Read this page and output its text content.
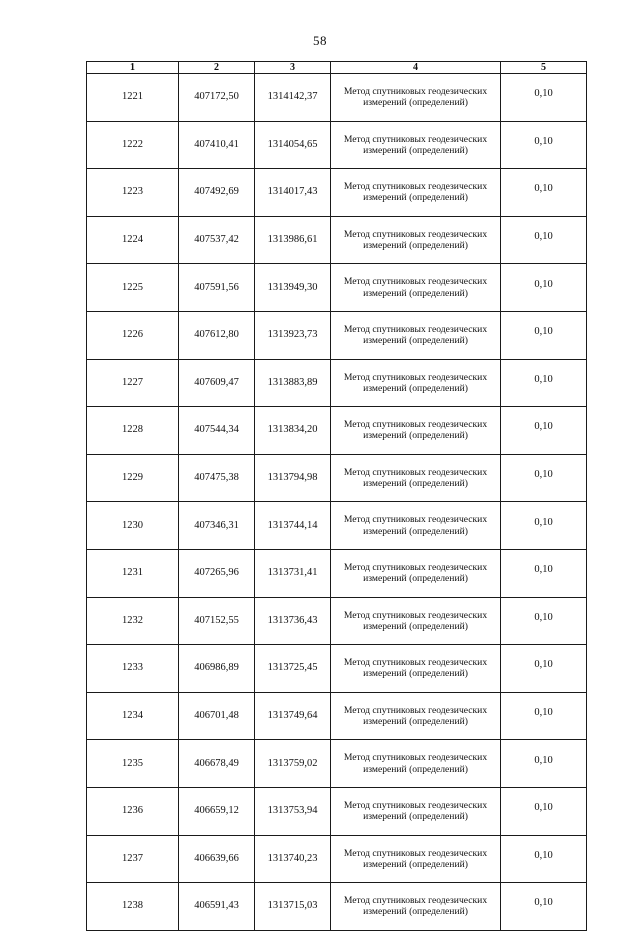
58
1	2	3	4	5
1221	407172,50	1314142,37	Метод спутниковых геодезических измерений (определений)	0,10
1222	407410,41	1314054,65	Метод спутниковых геодезических измерений (определений)	0,10
1223	407492,69	1314017,43	Метод спутниковых геодезических измерений (определений)	0,10
1224	407537,42	1313986,61	Метод спутниковых геодезических измерений (определений)	0,10
1225	407591,56	1313949,30	Метод спутниковых геодезических измерений (определений)	0,10
1226	407612,80	1313923,73	Метод спутниковых геодезических измерений (определений)	0,10
1227	407609,47	1313883,89	Метод спутниковых геодезических измерений (определений)	0,10
1228	407544,34	1313834,20	Метод спутниковых геодезических измерений (определений)	0,10
1229	407475,38	1313794,98	Метод спутниковых геодезических измерений (определений)	0,10
1230	407346,31	1313744,14	Метод спутниковых геодезических измерений (определений)	0,10
1231	407265,96	1313731,41	Метод спутниковых геодезических измерений (определений)	0,10
1232	407152,55	1313736,43	Метод спутниковых геодезических измерений (определений)	0,10
1233	406986,89	1313725,45	Метод спутниковых геодезических измерений (определений)	0,10
1234	406701,48	1313749,64	Метод спутниковых геодезических измерений (определений)	0,10
1235	406678,49	1313759,02	Метод спутниковых геодезических измерений (определений)	0,10
1236	406659,12	1313753,94	Метод спутниковых геодезических измерений (определений)	0,10
1237	406639,66	1313740,23	Метод спутниковых геодезических измерений (определений)	0,10
1238	406591,43	1313715,03	Метод спутниковых геодезических измерений (определений)	0,10
